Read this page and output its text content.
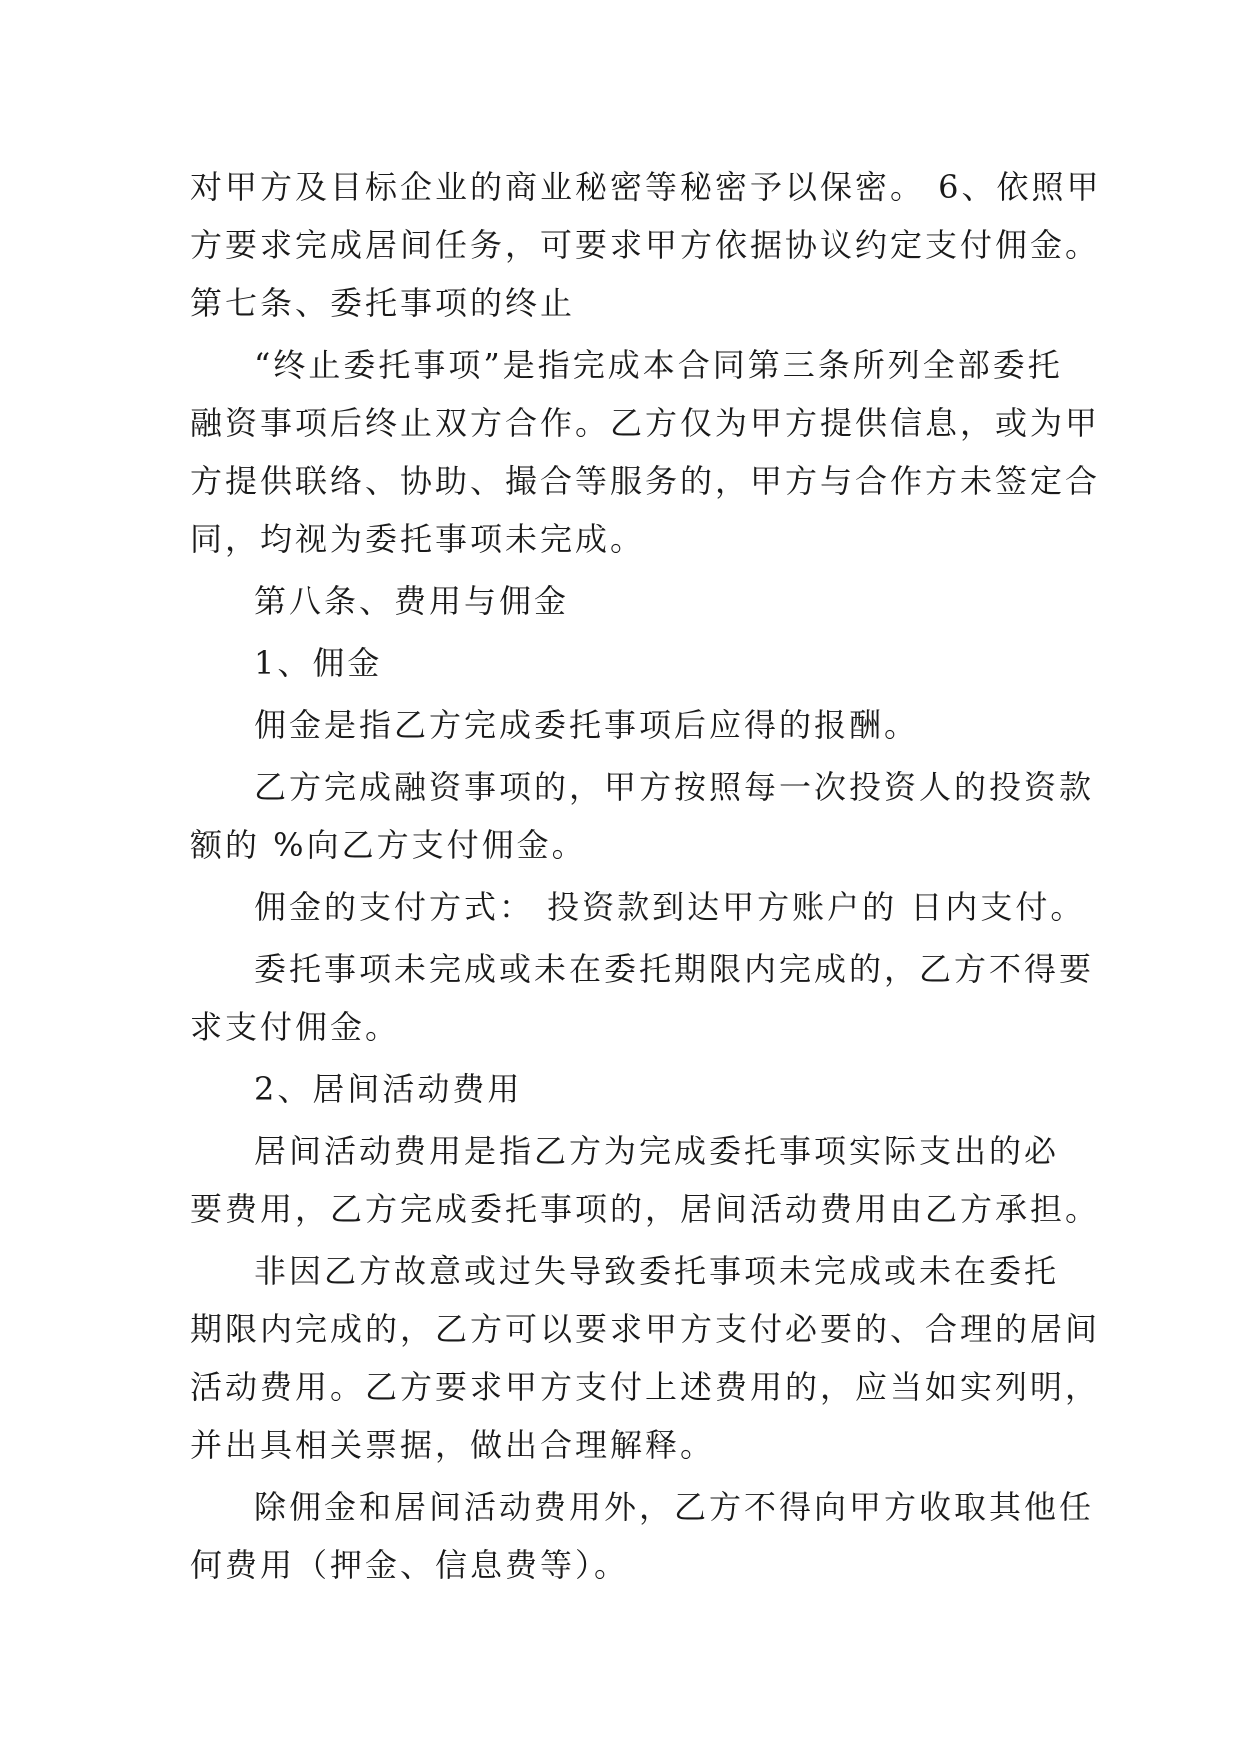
对甲方及目标企业的商业秘密等秘密予以保密。 6、依照甲
方要求完成居间任务，可要求甲方依据协议约定支付佣金。
第七条、委托事项的终止
“终止委托事项”是指完成本合同第三条所列全部委托
融资事项后终止双方合作。乙方仅为甲方提供信息，或为甲
方提供联络、协助、撮合等服务的，甲方与合作方未签定合
同，均视为委托事项未完成。
第八条、费用与佣金
1、佣金
佣金是指乙方完成委托事项后应得的报酬。
乙方完成融资事项的，甲方按照每一次投资人的投资款
额的 %向乙方支付佣金。
佣金的支付方式： 投资款到达甲方账户的 日内支付。
委托事项未完成或未在委托期限内完成的，乙方不得要
求支付佣金。
2、居间活动费用
居间活动费用是指乙方为完成委托事项实际支出的必
要费用，乙方完成委托事项的，居间活动费用由乙方承担。
非因乙方故意或过失导致委托事项未完成或未在委托
期限内完成的，乙方可以要求甲方支付必要的、合理的居间
活动费用。乙方要求甲方支付上述费用的，应当如实列明，
并出具相关票据，做出合理解释。
除佣金和居间活动费用外，乙方不得向甲方收取其他任
何费用（押金、信息费等）。
